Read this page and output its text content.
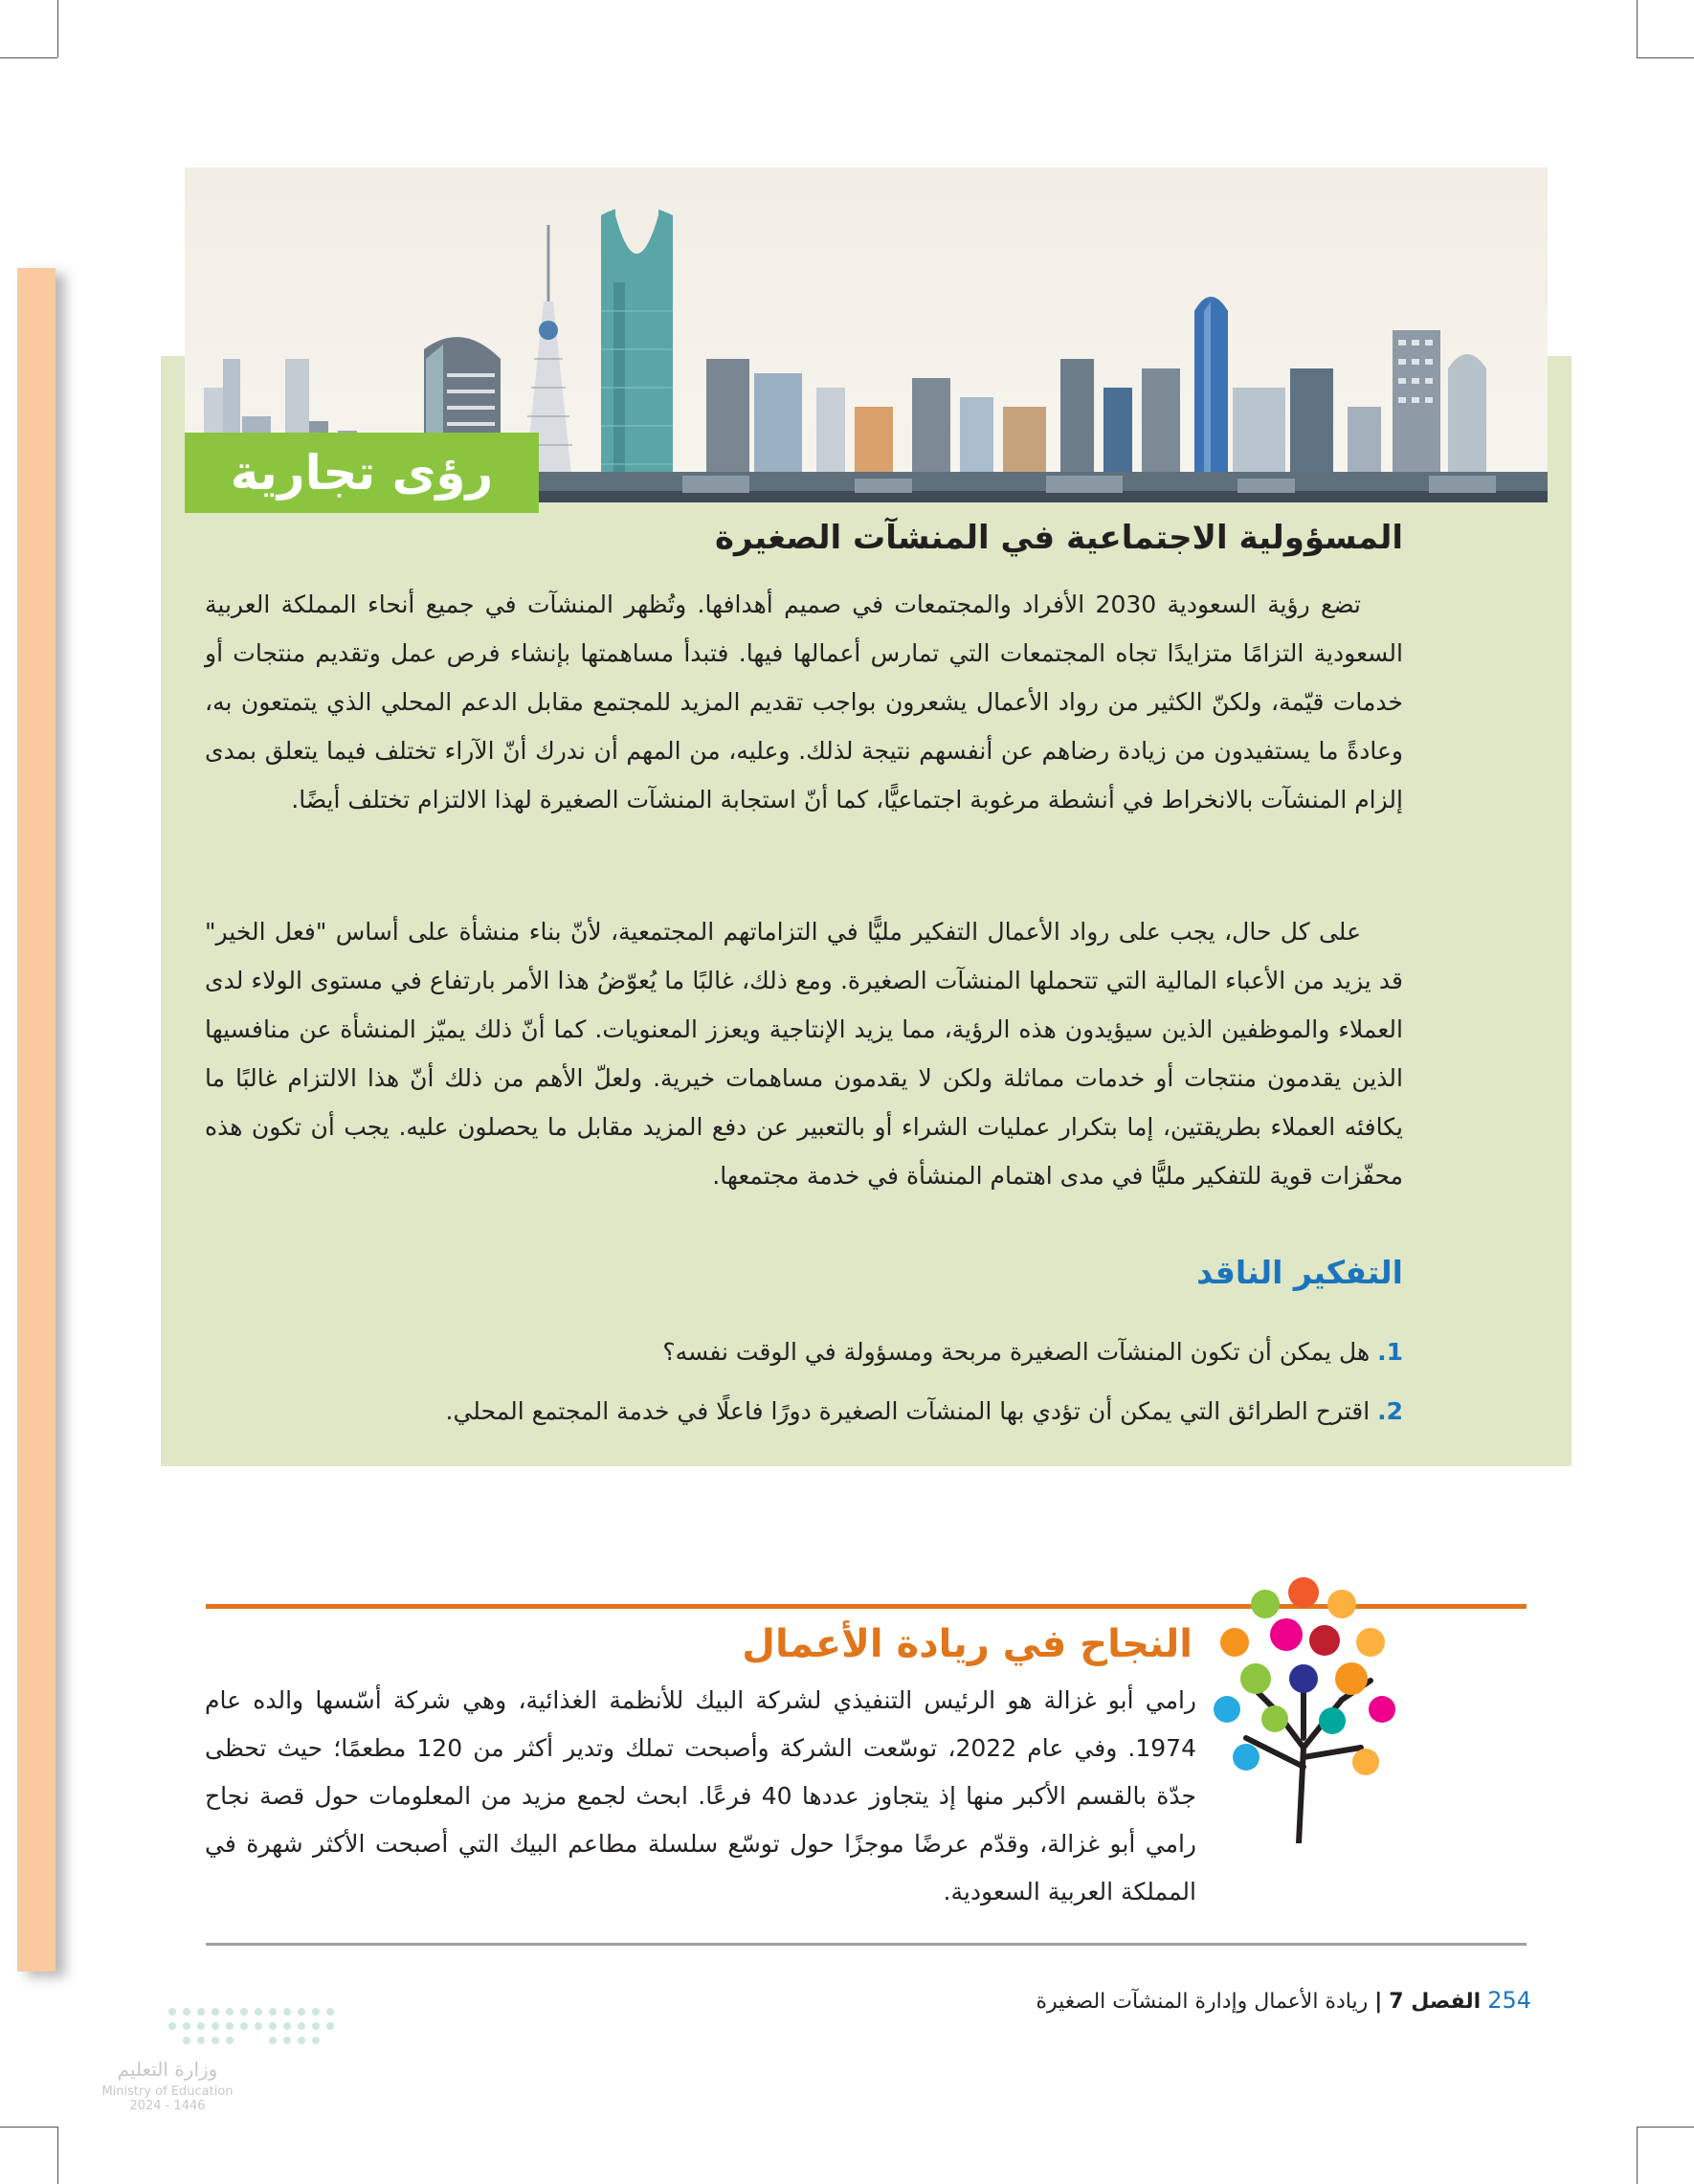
رؤى تجارية
المسؤولية الاجتماعية في المنشآت الصغيرة
تضع رؤية السعودية 2030 الأفراد والمجتمعات في صميم أهدافها. وتُظهر المنشآت في جميع أنحاء المملكة العربية السعودية التزامًا متزايدًا تجاه المجتمعات التي تمارس أعمالها فيها. فتبدأ مساهمتها بإنشاء فرص عمل وتقديم منتجات أو خدمات قيّمة، ولكنّ الكثير من رواد الأعمال يشعرون بواجب تقديم المزيد للمجتمع مقابل الدعم المحلي الذي يتمتعون به، وعادةً ما يستفيدون من زيادة رضاهم عن أنفسهم نتيجة لذلك. وعليه، من المهم أن ندرك أنّ الآراء تختلف فيما يتعلق بمدى إلزام المنشآت بالانخراط في أنشطة مرغوبة اجتماعيًّا، كما أنّ استجابة المنشآت الصغيرة لهذا الالتزام تختلف أيضًا.
على كل حال، يجب على رواد الأعمال التفكير مليًّا في التزاماتهم المجتمعية، لأنّ بناء منشأة على أساس "فعل الخير" قد يزيد من الأعباء المالية التي تتحملها المنشآت الصغيرة. ومع ذلك، غالبًا ما يُعوّضُ هذا الأمر بارتفاع في مستوى الولاء لدى العملاء والموظفين الذين سيؤيدون هذه الرؤية، مما يزيد الإنتاجية ويعزز المعنويات. كما أنّ ذلك يميّز المنشأة عن منافسيها الذين يقدمون منتجات أو خدمات مماثلة ولكن لا يقدمون مساهمات خيرية. ولعلّ الأهم من ذلك أنّ هذا الالتزام غالبًا ما يكافئه العملاء بطريقتين، إما بتكرار عمليات الشراء أو بالتعبير عن دفع المزيد مقابل ما يحصلون عليه. يجب أن تكون هذه محفّزات قوية للتفكير مليًّا في مدى اهتمام المنشأة في خدمة مجتمعها.
التفكير الناقد
1. هل يمكن أن تكون المنشآت الصغيرة مربحة ومسؤولة في الوقت نفسه؟
2. اقترح الطرائق التي يمكن أن تؤدي بها المنشآت الصغيرة دورًا فاعلًا في خدمة المجتمع المحلي.
النجاح في ريادة الأعمال
رامي أبو غزالة هو الرئيس التنفيذي لشركة البيك للأنظمة الغذائية، وهي شركة أسّسها والده عام 1974. وفي عام 2022، توسّعت الشركة وأصبحت تملك وتدير أكثر من 120 مطعمًا؛ حيث تحظى جدّة بالقسم الأكبر منها إذ يتجاوز عددها 40 فرعًا. ابحث لجمع مزيد من المعلومات حول قصة نجاح رامي أبو غزالة، وقدّم عرضًا موجزًا حول توسّع سلسلة مطاعم البيك التي أصبحت الأكثر شهرة في المملكة العربية السعودية.
254 الفصل 7 | ريادة الأعمال وإدارة المنشآت الصغيرة
وزارة التعليم
Ministry of Education
2024 - 1446
